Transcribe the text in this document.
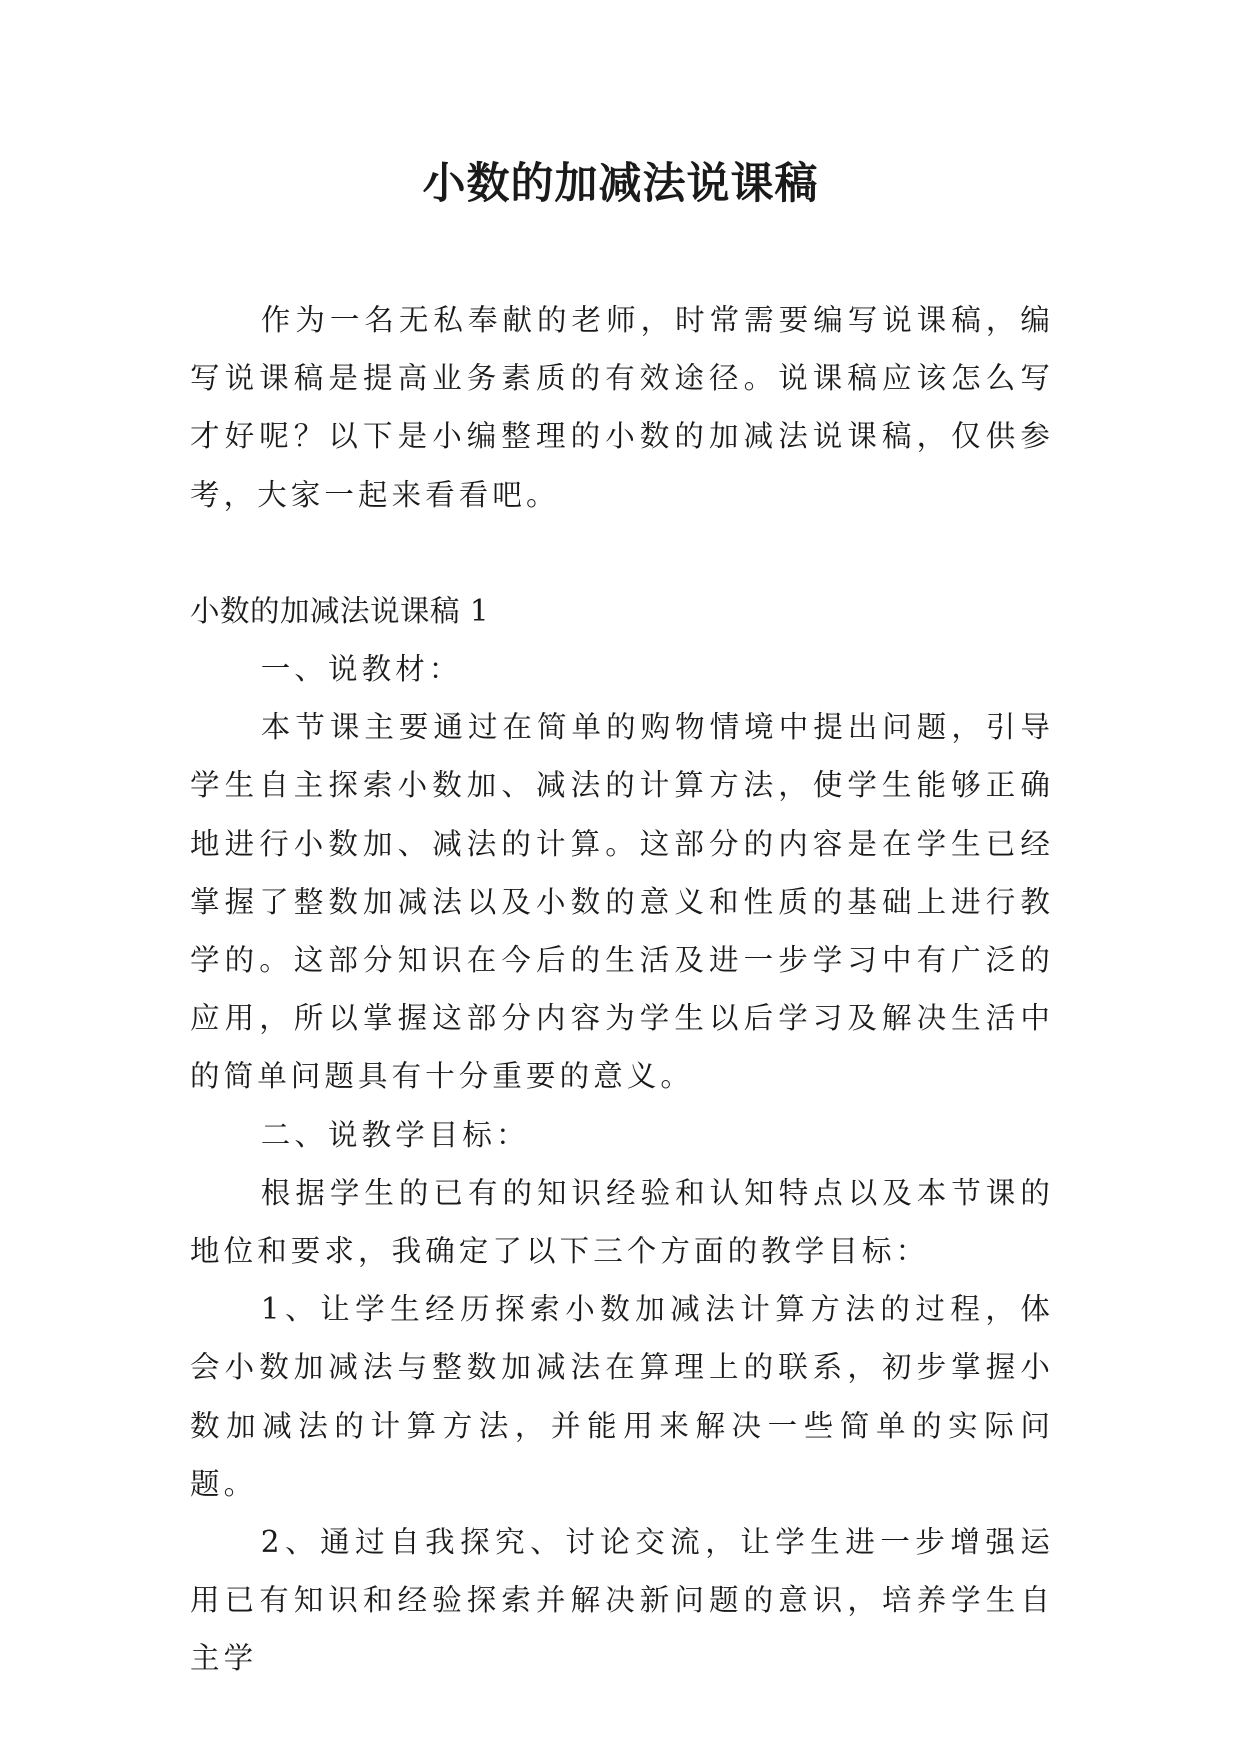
小数的加减法说课稿

作为一名无私奉献的老师，时常需要编写说课稿，编写说课稿是提高业务素质的有效途径。说课稿应该怎么写才好呢？以下是小编整理的小数的加减法说课稿，仅供参考，大家一起来看看吧。

小数的加减法说课稿 1

一、说教材：

本节课主要通过在简单的购物情境中提出问题，引导学生自主探索小数加、减法的计算方法，使学生能够正确地进行小数加、减法的计算。这部分的内容是在学生已经掌握了整数加减法以及小数的意义和性质的基础上进行教学的。这部分知识在今后的生活及进一步学习中有广泛的应用，所以掌握这部分内容为学生以后学习及解决生活中的简单问题具有十分重要的意义。

二、说教学目标：

根据学生的已有的知识经验和认知特点以及本节课的地位和要求，我确定了以下三个方面的教学目标：

1、让学生经历探索小数加减法计算方法的过程，体会小数加减法与整数加减法在算理上的联系，初步掌握小数加减法的计算方法，并能用来解决一些简单的实际问题。

2、通过自我探究、讨论交流，让学生进一步增强运用已有知识和经验探索并解决新问题的意识，培养学生自主学
